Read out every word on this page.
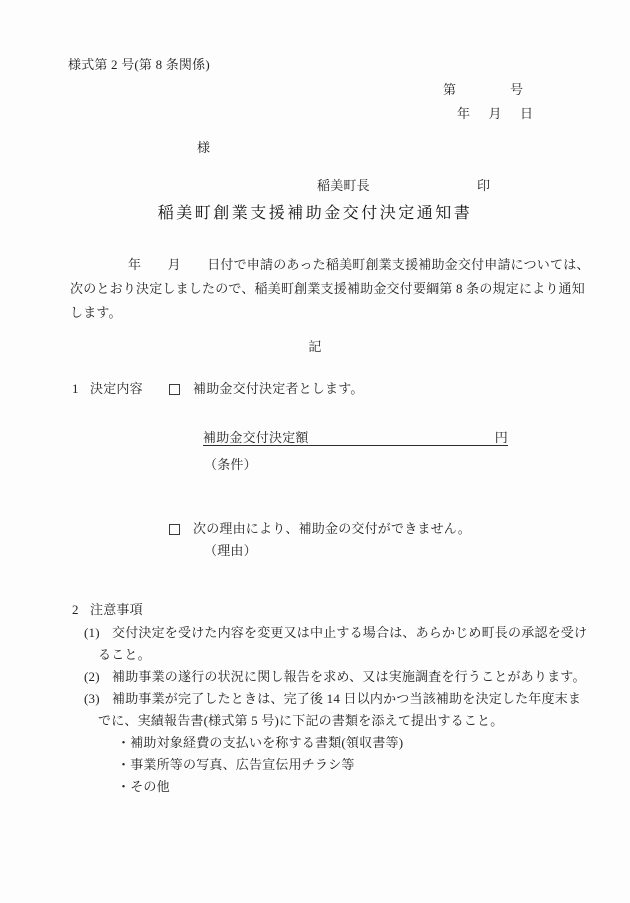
様式第 2 号(第 8 条関係)
第	号
年 月 日
様
稲美町長	印
稲美町創業支援補助金交付決定通知書
年　　月　　日付で申請のあった稲美町創業支援補助金交付申請については、
次のとおり決定しましたので、稲美町創業支援補助金交付要綱第 8 条の規定により通知
します。
記
1 決定内容	補助金交付決定者とします。
補助金交付決定額	円
（条件）
次の理由により、補助金の交付ができません。
（理由）
2 注意事項
(1) 交付決定を受けた内容を変更又は中止する場合は、あらかじめ町長の承認を受け
ること。
(2) 補助事業の遂行の状況に関し報告を求め、又は実施調査を行うことがあります。
(3) 補助事業が完了したときは、完了後 14 日以内かつ当該補助を決定した年度末ま
でに、実績報告書(様式第 5 号)に下記の書類を添えて提出すること。
・補助対象経費の支払いを称する書類(領収書等)
・事業所等の写真、広告宣伝用チラシ等
・その他
